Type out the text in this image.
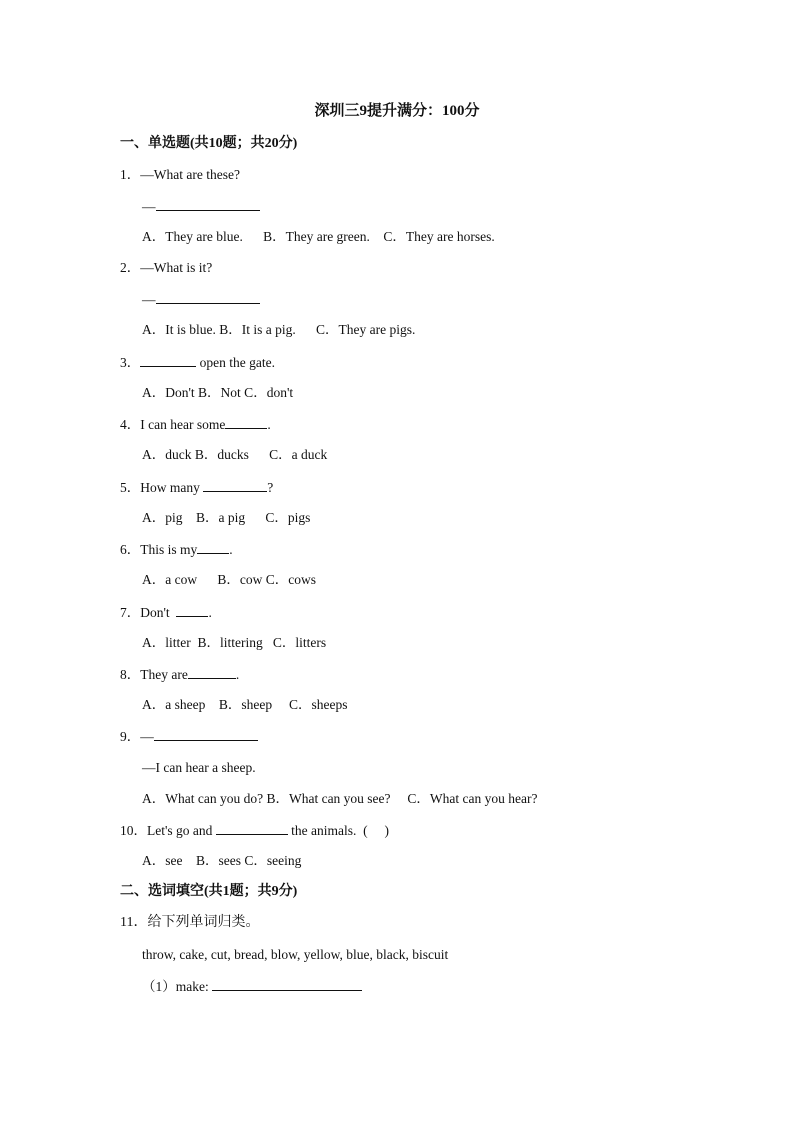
深圳三9提升满分：100分
一、单选题(共10题；共20分)
1．—What are these?
—
A．They are blue.      B．They are green.    C．They are horses.
2．—What is it?
—
A．It is blue. B．It is a pig.      C．They are pigs.
3．	open the gate.
A．Don't B．Not C．don't
4．I can hear some	.
A．duck B．ducks      C．a duck
5．How many	?
A．pig    B．a pig      C．pigs
6．This is my .
A．a cow      B．cow C．cows
7．Don't  .
A．litter  B．littering   C．litters
8．They are	.
A．a sheep    B．sheep     C．sheeps
9．—
—I can hear a sheep.
A．What can you do? B．What can you see?     C．What can you hear?
10．Let's go and	the animals.  (     )
A．see    B．sees C．seeing
二、选词填空(共1题；共9分)
11．给下列单词归类。
throw, cake, cut, bread, blow, yellow, blue, black, biscuit
（1）make:
